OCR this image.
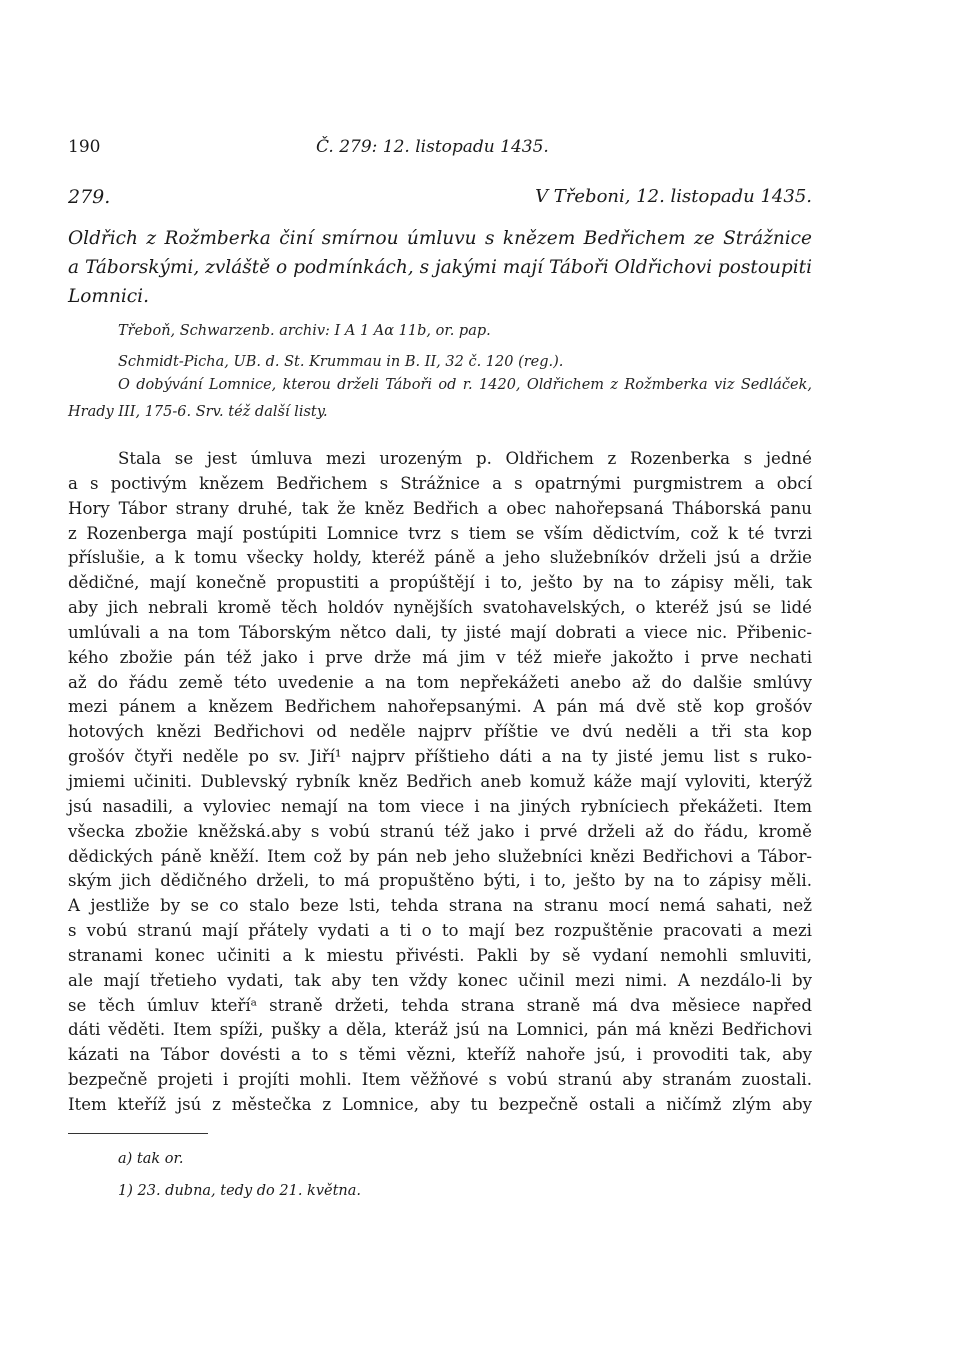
190	Č. 279: 12. listopadu 1435.
279.	V Třeboni, 12. listopadu 1435.
Oldřich z Rožmberka činí smírnou úmluvu s knězem Bedřichem ze Strážnice
a Táborskými, zvláště o podmínkách, s jakými mají Táboři Oldřichovi postoupiti
Lomnici.
Třeboň, Schwarzenb. archiv: I A 1 Aα 11b, or. pap.
Schmidt-Picha, UB. d. St. Krummau in B. II, 32 č. 120 (reg.).
O dobývání Lomnice, kterou drželi Táboři od r. 1420, Oldřichem z Rožmberka viz Sedláček,
Hrady III, 175-6. Srv. též další listy.
Stala se jest úmluva mezi urozeným p. Oldřichem z Rozenberka s jedné
a s poctivým knězem Bedřichem s Strážnice a s opatrnými purgmistrem a obcí
Hory Tábor strany druhé, tak že kněz Bedřich a obec nahořepsaná Tháborská panu
z Rozenberga mají postúpiti Lomnice tvrz s tiem se vším dědictvím, což k té tvrzi
příslušie, a k tomu všecky holdy, kteréž páně a jeho služebníkóv drželi jsú a držie
dědičné, mají konečně propustiti a propúštějí i to, ješto by na to zápisy měli, tak
aby jich nebrali kromě těch holdóv nynějších svatohavelských, o kteréž jsú se lidé
umlúvali a na tom Táborským nětco dali, ty jisté mají dobrati a viece nic. Přibenic-
kého zbožie pán též jako i prve drže má jim v též mieře jakožto i prve nechati
až do řádu země této uvedenie a na tom nepřekážeti anebo až do dalšie smlúvy
mezi pánem a knězem Bedřichem nahořepsanými. A pán má dvě stě kop grošóv
hotových knězi Bedřichovi od neděle najprv příštie ve dvú neděli a tři sta kop
grošóv čtyři neděle po sv. Jiří¹ najprv příštieho dáti a na ty jisté jemu list s ruko-
jmiemi učiniti. Dublevský rybník kněz Bedřich aneb komuž káže mají vyloviti, kterýž
jsú nasadili, a vyloviec nemají na tom viece i na jiných rybníciech překážeti. Item
všecka zbožie kněžská.aby s vobú stranú též jako i prvé drželi až do řádu, kromě
dědických páně kněží. Item což by pán neb jeho služebníci knězi Bedřichovi a Tábor-
ským jich dědičného drželi, to má propuštěno býti, i to, ješto by na to zápisy měli.
A jestliže by se co stalo beze lsti, tehda strana na stranu mocí nemá sahati, než
s vobú stranú mají přátely vydati a ti o to mají bez rozpuštěnie pracovati a mezi
stranami konec učiniti a k miestu přivésti. Pakli by sě vydaní nemohli smluviti,
ale mají třetieho vydati, tak aby ten vždy konec učinil mezi nimi. A nezdálo-li by
se těch úmluv kteříᵃ straně držeti, tehda strana straně má dva měsiece napřed
dáti věděti. Item spíži, pušky a děla, kteráž jsú na Lomnici, pán má knězi Bedřichovi
kázati na Tábor dovésti a to s těmi vězni, kteříž nahoře jsú, i provoditi tak, aby
bezpečně projeti i projíti mohli. Item věžňové s vobú stranú aby stranám zuostali.
Item kteříž jsú z městečka z Lomnice, aby tu bezpečně ostali a ničímž zlým aby
a) tak or.
1) 23. dubna, tedy do 21. května.
